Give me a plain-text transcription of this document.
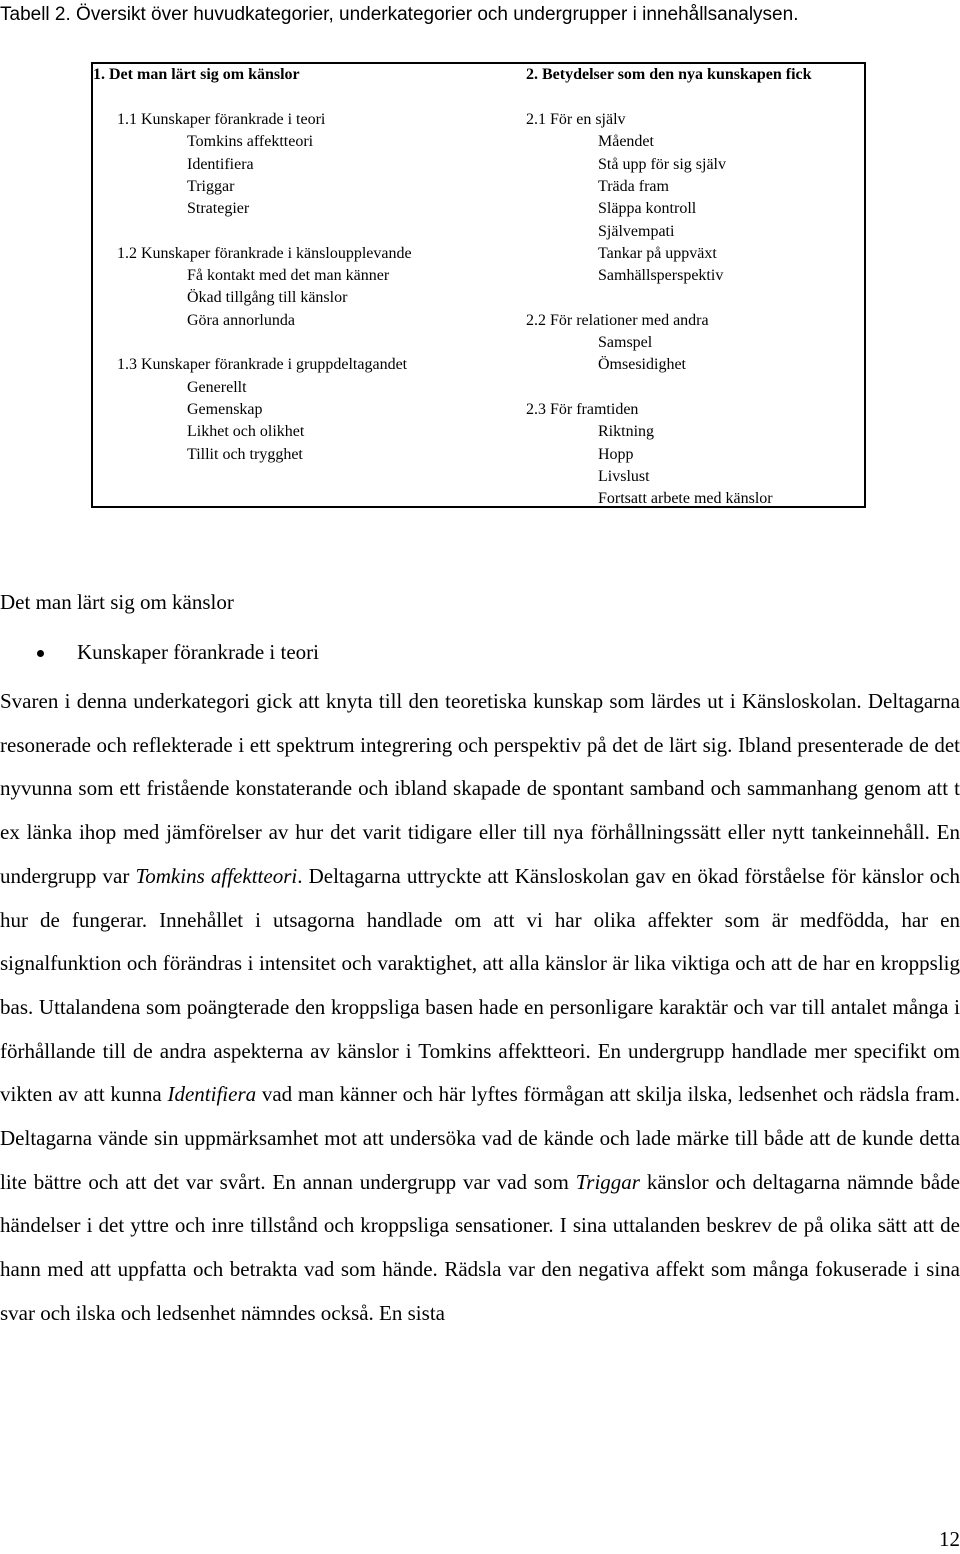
Tabell 2. Översikt över huvudkategorier, underkategorier och undergrupper i innehållsanalysen.
1. Det man lärt sig om känslor	2. Betydelser som den nya kunskapen fick
1.1 Kunskaper förankrade i teori
Tomkins affektteori
Identifiera
Triggar
Strategier
1.2 Kunskaper förankrade i känsloupplevande
Få kontakt med det man känner
Ökad tillgång till känslor
Göra annorlunda
1.3 Kunskaper förankrade i gruppdeltagandet
Generellt
Gemenskap
Likhet och olikhet
Tillit och trygghet
2.1 För en själv
Måendet
Stå upp för sig själv
Träda fram
Släppa kontroll
Självempati
Tankar på uppväxt
Samhällsperspektiv
2.2 För relationer med andra
Samspel
Ömsesidighet
2.3 För framtiden
Riktning
Hopp
Livslust
Fortsatt arbete med känslor
Det man lärt sig om känslor
Kunskaper förankrade i teori
Svaren i denna underkategori gick att knyta till den teoretiska kunskap som lärdes ut i Känsloskolan. Deltagarna resonerade och reflekterade i ett spektrum integrering och perspektiv på det de lärt sig. Ibland presenterade de det nyvunna som ett fristående konstaterande och ibland skapade de spontant samband och sammanhang genom att t ex länka ihop med jämförelser av hur det varit tidigare eller till nya förhållningssätt eller nytt tankeinnehåll. En undergrupp var Tomkins affektteori. Deltagarna uttryckte att Känsloskolan gav en ökad förståelse för känslor och hur de fungerar. Innehållet i utsagorna handlade om att vi har olika affekter som är medfödda, har en signalfunktion och förändras i intensitet och varaktighet, att alla känslor är lika viktiga och att de har en kroppslig bas. Uttalandena som poängterade den kroppsliga basen hade en personligare karaktär och var till antalet många i förhållande till de andra aspekterna av känslor i Tomkins affektteori. En undergrupp handlade mer specifikt om vikten av att kunna Identifiera vad man känner och här lyftes förmågan att skilja ilska, ledsenhet och rädsla fram. Deltagarna vände sin uppmärksamhet mot att undersöka vad de kände och lade märke till både att de kunde detta lite bättre och att det var svårt. En annan undergrupp var vad som Triggar känslor och deltagarna nämnde både händelser i det yttre och inre tillstånd och kroppsliga sensationer. I sina uttalanden beskrev de på olika sätt att de hann med att uppfatta och betrakta vad som hände. Rädsla var den negativa affekt som många fokuserade i sina svar och ilska och ledsenhet nämndes också. En sista
12
